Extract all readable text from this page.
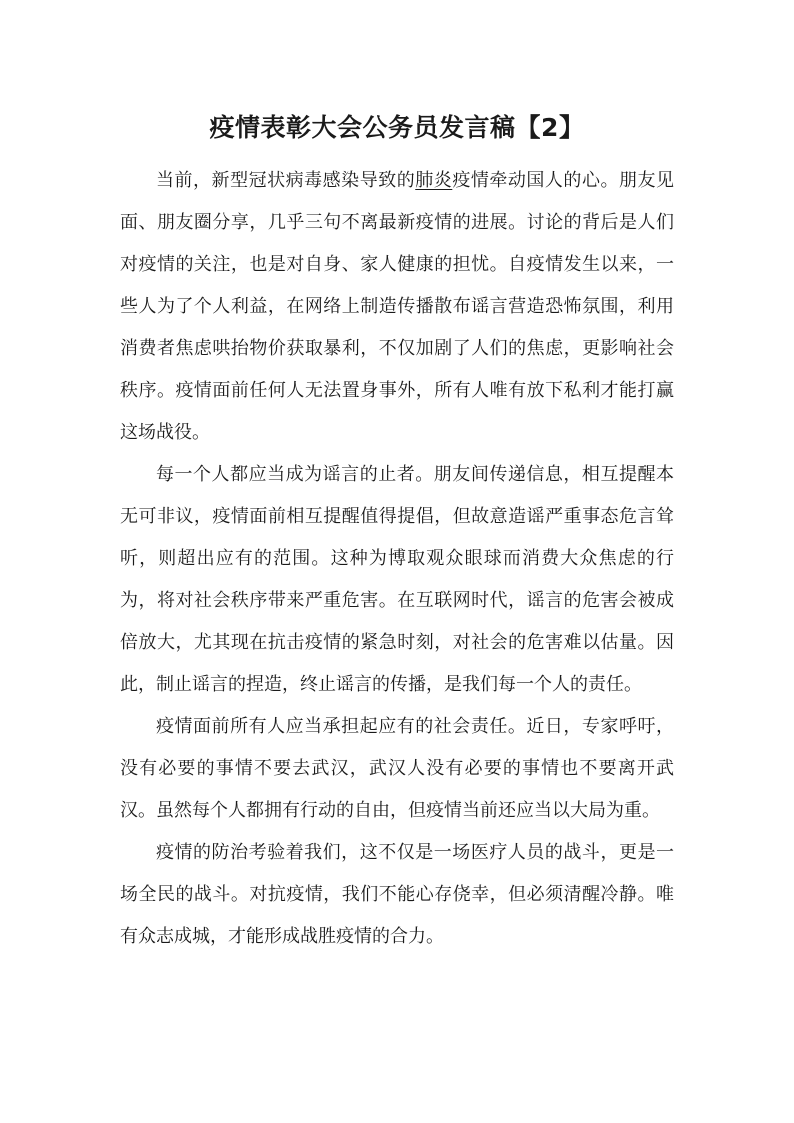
疫情表彰大会公务员发言稿【2】

当前，新型冠状病毒感染导致的肺炎疫情牵动国人的心。朋友见面、朋友圈分享，几乎三句不离最新疫情的进展。讨论的背后是人们对疫情的关注，也是对自身、家人健康的担忧。自疫情发生以来，一些人为了个人利益，在网络上制造传播散布谣言营造恐怖氛围，利用消费者焦虑哄抬物价获取暴利，不仅加剧了人们的焦虑，更影响社会秩序。疫情面前任何人无法置身事外，所有人唯有放下私利才能打赢这场战役。

每一个人都应当成为谣言的止者。朋友间传递信息，相互提醒本无可非议，疫情面前相互提醒值得提倡，但故意造谣严重事态危言耸听，则超出应有的范围。这种为博取观众眼球而消费大众焦虑的行为，将对社会秩序带来严重危害。在互联网时代，谣言的危害会被成倍放大，尤其现在抗击疫情的紧急时刻，对社会的危害难以估量。因此，制止谣言的捏造，终止谣言的传播，是我们每一个人的责任。

疫情面前所有人应当承担起应有的社会责任。近日，专家呼吁，没有必要的事情不要去武汉，武汉人没有必要的事情也不要离开武汉。虽然每个人都拥有行动的自由，但疫情当前还应当以大局为重。

疫情的防治考验着我们，这不仅是一场医疗人员的战斗，更是一场全民的战斗。对抗疫情，我们不能心存侥幸，但必须清醒冷静。唯有众志成城，才能形成战胜疫情的合力。
